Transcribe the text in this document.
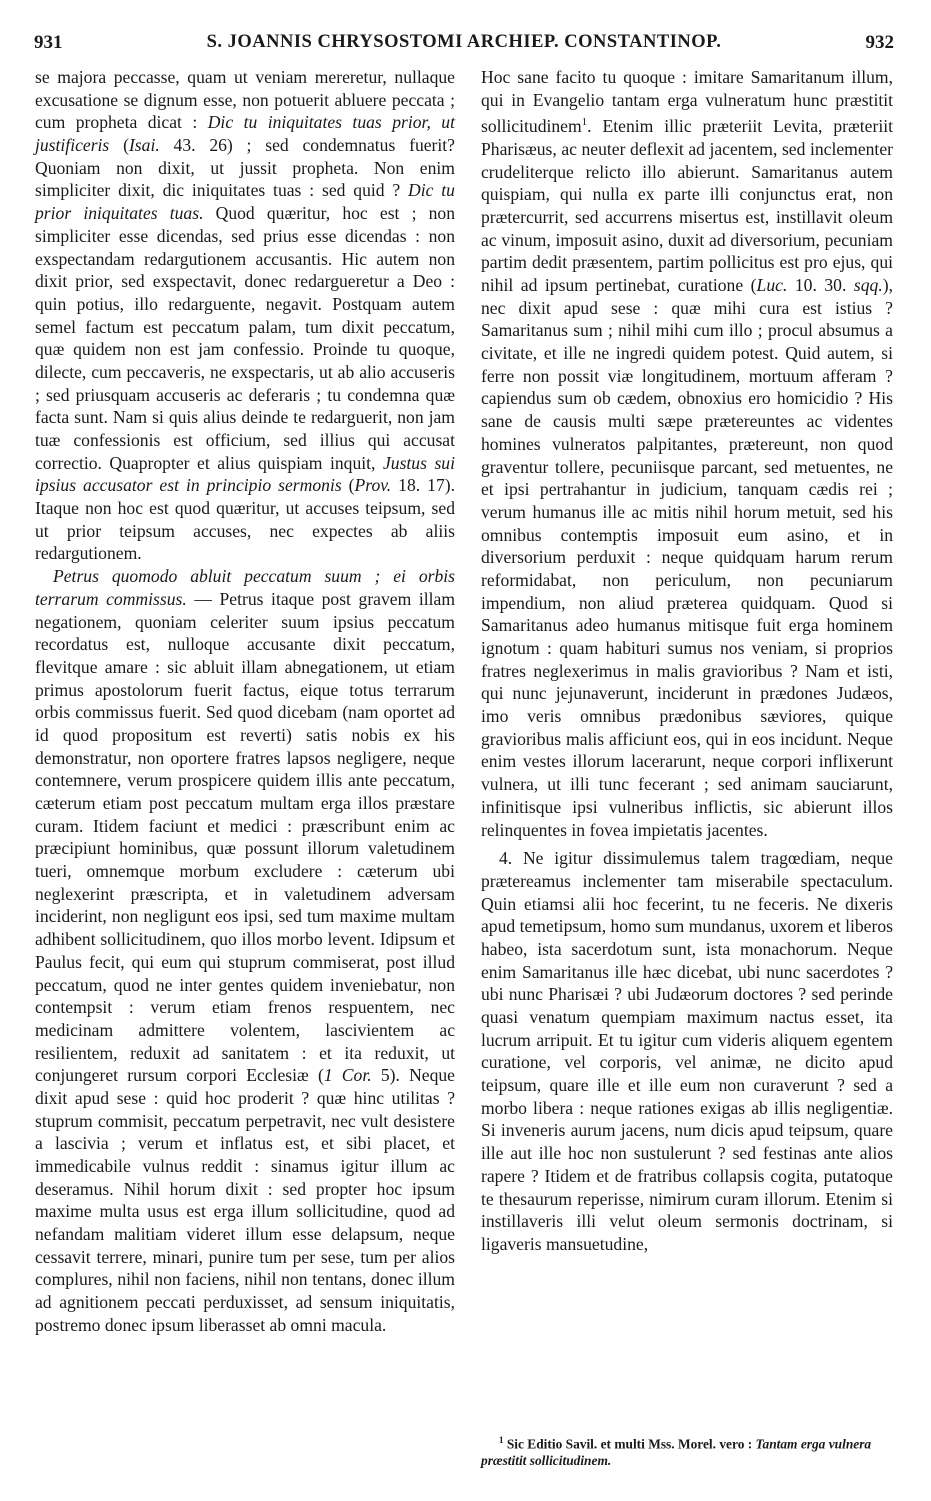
931	S. JOANNIS CHRYSOSTOMI ARCHIEP. CONSTANTINOP.	932

se majora peccasse, quam ut veniam mereretur, nullaque excusatione se dignum esse, non potuerit abluere peccata ; cum propheta dicat : Dic tu iniquitates tuas prior, ut justificeris (Isai. 43. 26) ; sed condemnatus fuerit? Quoniam non dixit, ut jussit propheta. Non enim simpliciter dixit, dic iniquitates tuas : sed quid ? Dic tu prior iniquitates tuas. Quod quæritur, hoc est ; non simpliciter esse dicendas, sed prius esse dicendas : non exspectandam redargutionem accusantis. Hic autem non dixit prior, sed exspectavit, donec redargueretur a Deo : quin potius, illo redarguente, negavit. Postquam autem semel factum est peccatum palam, tum dixit peccatum, quæ quidem non est jam confessio. Proinde tu quoque, dilecte, cum peccaveris, ne exspectaris, ut ab alio accuseris ; sed priusquam accuseris ac deferaris ; tu condemna quæ facta sunt. Nam si quis alius deinde te redarguerit, non jam tuæ confessionis est officium, sed illius qui accusat correctio. Quapropter et alius quispiam inquit, Justus sui ipsius accusator est in principio sermonis (Prov. 18. 17). Itaque non hoc est quod quæritur, ut accuses teipsum, sed ut prior teipsum accuses, nec expectes ab aliis redargutionem.

Petrus quomodo abluit peccatum suum ; ei orbis terrarum commissus. — Petrus itaque post gravem illam negationem, quoniam celeriter suum ipsius peccatum recordatus est, nulloque accusante dixit peccatum, flevitque amare : sic abluit illam abnegationem, ut etiam primus apostolorum fuerit factus, eique totus terrarum orbis commissus fuerit. Sed quod dicebam (nam oportet ad id quod propositum est reverti) satis nobis ex his demonstratur, non oportere fratres lapsos negligere, neque contemnere, verum prospicere quidem illis ante peccatum, cæterum etiam post peccatum multam erga illos præstare curam. Itidem faciunt et medici : præscribunt enim ac præcipiunt hominibus, quæ possunt illorum valetudinem tueri, omnemque morbum excludere : cæterum ubi neglexerint præscripta, et in valetudinem adversam inciderint, non negligunt eos ipsi, sed tum maxime multam adhibent sollicitudinem, quo illos morbo levent. Idipsum et Paulus fecit, qui eum qui stuprum commiserat, post illud peccatum, quod ne inter gentes quidem inveniebatur, non contempsit : verum etiam frenos respuentem, nec medicinam admittere volentem, lascivientem ac resilientem, reduxit ad sanitatem : et ita reduxit, ut conjungeret rursum corpori Ecclesiæ (1 Cor. 5). Neque dixit apud sese : quid hoc proderit ? quæ hinc utilitas ? stuprum commisit, peccatum perpetravit, nec vult desistere a lascivia ; verum et inflatus est, et sibi placet, et immedicabile vulnus reddit : sinamus igitur illum ac deseramus. Nihil horum dixit : sed propter hoc ipsum maxime multa usus est erga illum sollicitudine, quod ad nefandam malitiam videret illum esse delapsum, neque cessavit terrere, minari, punire tum per sese, tum per alios complures, nihil non faciens, nihil non tentans, donec illum ad agnitionem peccati perduxisset, ad sensum iniquitatis, postremo donec ipsum liberasset ab omni macula.

Hoc sane facito tu quoque : imitare Samaritanum illum, qui in Evangelio tantam erga vulneratum hunc præstitit sollicitudinem$^1$. Etenim illic præteriit Levita, præteriit Pharisæus, ac neuter deflexit ad jacentem, sed inclementer crudeliterque relicto illo abierunt. Samaritanus autem quispiam, qui nulla ex parte illi conjunctus erat, non prætercurrit, sed accurrens misertus est, instillavit oleum ac vinum, imposuit asino, duxit ad diversorium, pecuniam partim dedit præsentem, partim pollicitus est pro ejus, qui nihil ad ipsum pertinebat, curatione (Luc. 10. 30. sqq.), nec dixit apud sese : quæ mihi cura est istius ? Samaritanus sum ; nihil mihi cum illo ; procul absumus a civitate, et ille ne ingredi quidem potest. Quid autem, si ferre non possit viæ longitudinem, mortuum afferam ? capiendus sum ob cædem, obnoxius ero homicidio ? His sane de causis multi sæpe prætereuntes ac videntes homines vulneratos palpitantes, prætereunt, non quod graventur tollere, pecuniisque parcant, sed metuentes, ne et ipsi pertrahantur in judicium, tanquam cædis rei ; verum humanus ille ac mitis nihil horum metuit, sed his omnibus contemptis imposuit eum asino, et in diversorium perduxit : neque quidquam harum rerum reformidabat, non periculum, non pecuniarum impendium, non aliud præterea quidquam. Quod si Samaritanus adeo humanus mitisque fuit erga hominem ignotum : quam habituri sumus nos veniam, si proprios fratres neglexerimus in malis gravioribus ? Nam et isti, qui nunc jejunaverunt, inciderunt in prædones Judæos, imo veris omnibus prædonibus sæviores, quique gravioribus malis afficiunt eos, qui in eos incidunt. Neque enim vestes illorum lacerarunt, neque corpori inflixerunt vulnera, ut illi tunc fecerant ; sed animam sauciarunt, infinitisque ipsi vulneribus inflictis, sic abierunt illos relinquentes in fovea impietatis jacentes.

4. Ne igitur dissimulemus talem tragœdiam, neque prætereamus inclementer tam miserabile spectaculum. Quin etiamsi alii hoc fecerint, tu ne feceris. Ne dixeris apud temetipsum, homo sum mundanus, uxorem et liberos habeo, ista sacerdotum sunt, ista monachorum. Neque enim Samaritanus ille hæc dicebat, ubi nunc sacerdotes ? ubi nunc Pharisæi ? ubi Judæorum doctores ? sed perinde quasi venatum quempiam maximum nactus esset, ita lucrum arripuit. Et tu igitur cum videris aliquem egentem curatione, vel corporis, vel animæ, ne dicito apud teipsum, quare ille et ille eum non curaverunt ? sed a morbo libera : neque rationes exigas ab illis negligentiæ. Si inveneris aurum jacens, num dicis apud teipsum, quare ille aut ille hoc non sustulerunt ? sed festinas ante alios rapere ? Itidem et de fratribus collapsis cogita, putatoque te thesaurum reperisse, nimirum curam illorum. Etenim si instillaveris illi velut oleum sermonis doctrinam, si ligaveris mansuetudine,

$^1$ Sic Editio Savil. et multi Mss. Morel. vero : Tantam erga vulnera præstitit sollicitudinem.
